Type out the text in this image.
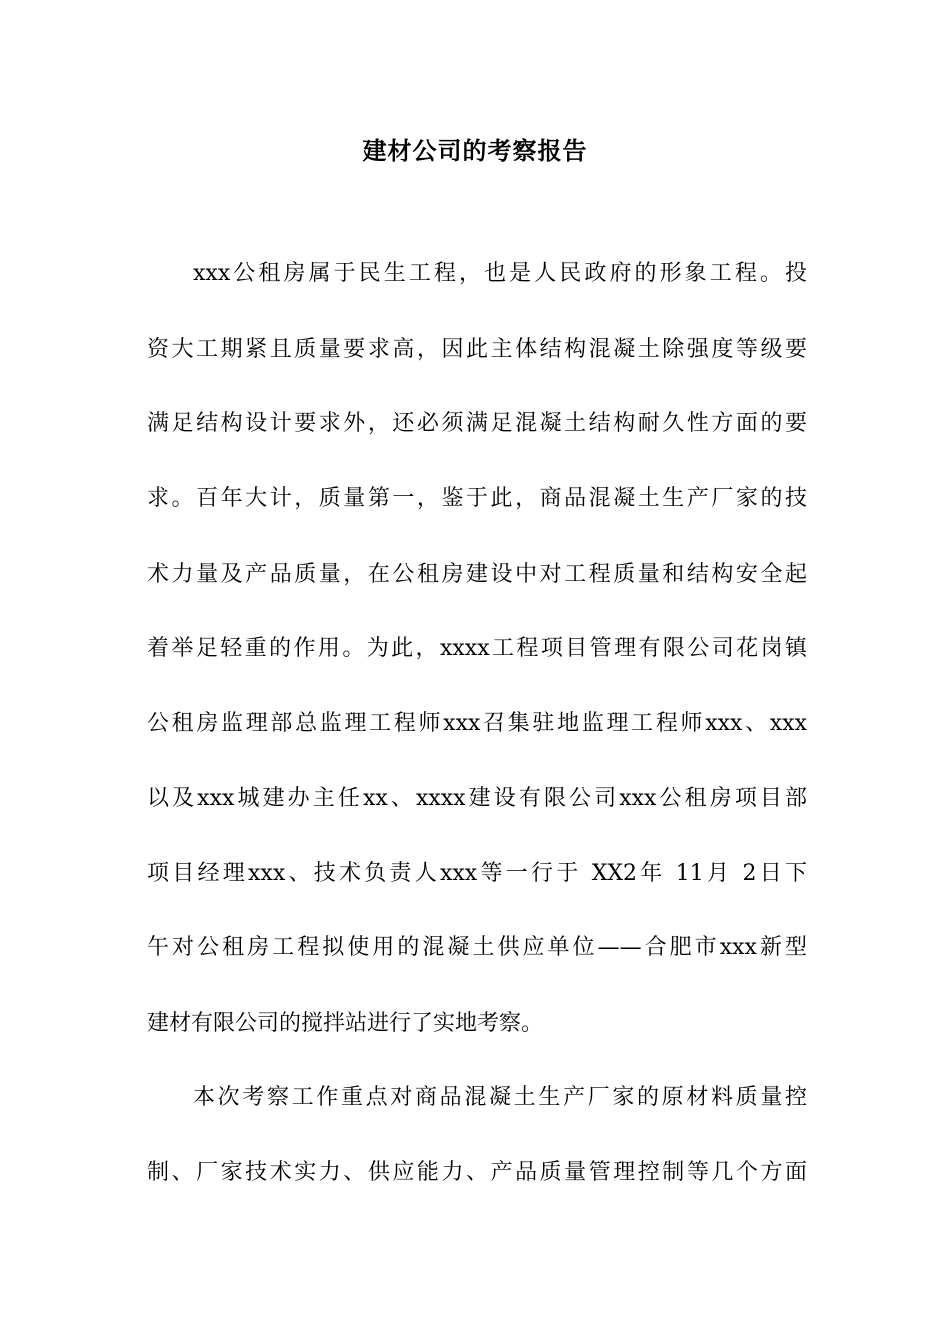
建材公司的考察报告
xxx公租房属于民生工程，也是人民政府的形象工程。投
资大工期紧且质量要求高，因此主体结构混凝土除强度等级要
满足结构设计要求外，还必须满足混凝土结构耐久性方面的要
求。百年大计，质量第一，鉴于此，商品混凝土生产厂家的技
术力量及产品质量，在公租房建设中对工程质量和结构安全起
着举足轻重的作用。为此，xxxx工程项目管理有限公司花岗镇
公租房监理部总监理工程师xxx召集驻地监理工程师xxx、xxx
以及xxx城建办主任xx、xxxx建设有限公司xxx公租房项目部
项目经理xxx、技术负责人xxx等一行于 XX2年 11月 2日下
午对公租房工程拟使用的混凝土供应单位——合肥市xxx新型
建材有限公司的搅拌站进行了实地考察。
本次考察工作重点对商品混凝土生产厂家的原材料质量控
制、厂家技术实力、供应能力、产品质量管理控制等几个方面
